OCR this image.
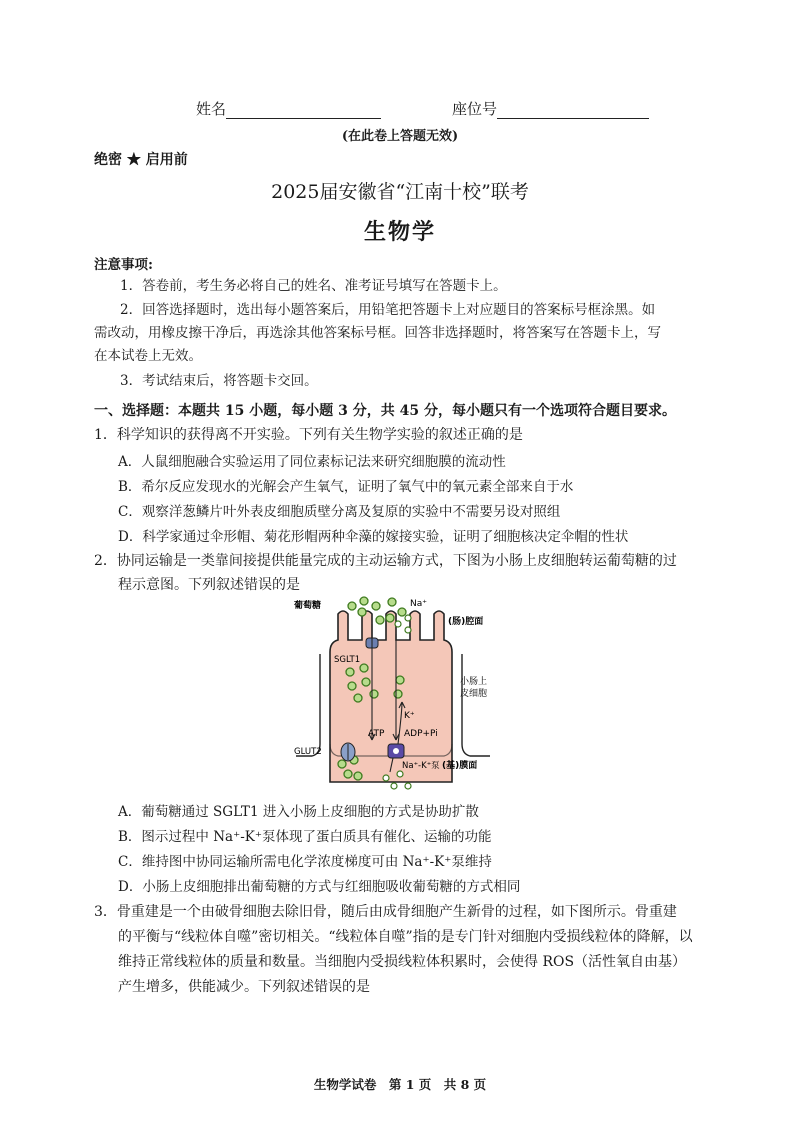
姓名	座位号
(在此卷上答题无效)
绝密 ★ 启用前
2025届安徽省“江南十校”联考
生物学
注意事项:
1．答卷前，考生务必将自己的姓名、准考证号填写在答题卡上。
2．回答选择题时，选出每小题答案后，用铅笔把答题卡上对应题目的答案标号框涂黑。如
需改动，用橡皮擦干净后，再选涂其他答案标号框。回答非选择题时，将答案写在答题卡上，写
在本试卷上无效。
3．考试结束后，将答题卡交回。
一、选择题：本题共 15 小题，每小题 3 分，共 45 分，每小题只有一个选项符合题目要求。
1．科学知识的获得离不开实验。下列有关生物学实验的叙述正确的是
A．人鼠细胞融合实验运用了同位素标记法来研究细胞膜的流动性
B．希尔反应发现水的光解会产生氧气，证明了氧气中的氧元素全部来自于水
C．观察洋葱鳞片叶外表皮细胞质壁分离及复原的实验中不需要另设对照组
D．科学家通过伞形帽、菊花形帽两种伞藻的嫁接实验，证明了细胞核决定伞帽的性状
2．协同运输是一类靠间接提供能量完成的主动运输方式，下图为小肠上皮细胞转运葡萄糖的过
程示意图。下列叙述错误的是
葡萄糖	Na⁺
(肠)腔面
SGLT1
小肠上
皮细胞
K⁺
ATP ADP+Pi
GLUT2
Na⁺-K⁺泵 (基)膜面
A．葡萄糖通过 SGLT1 进入小肠上皮细胞的方式是协助扩散
B．图示过程中 Na⁺-K⁺泵体现了蛋白质具有催化、运输的功能
C．维持图中协同运输所需电化学浓度梯度可由 Na⁺-K⁺泵维持
D．小肠上皮细胞排出葡萄糖的方式与红细胞吸收葡萄糖的方式相同
3．骨重建是一个由破骨细胞去除旧骨，随后由成骨细胞产生新骨的过程，如下图所示。骨重建
的平衡与“线粒体自噬”密切相关。“线粒体自噬”指的是专门针对细胞内受损线粒体的降解，以
维持正常线粒体的质量和数量。当细胞内受损线粒体积累时，会使得 ROS（活性氧自由基）
产生增多，供能减少。下列叙述错误的是
生物学试卷　第 1 页　共 8 页
